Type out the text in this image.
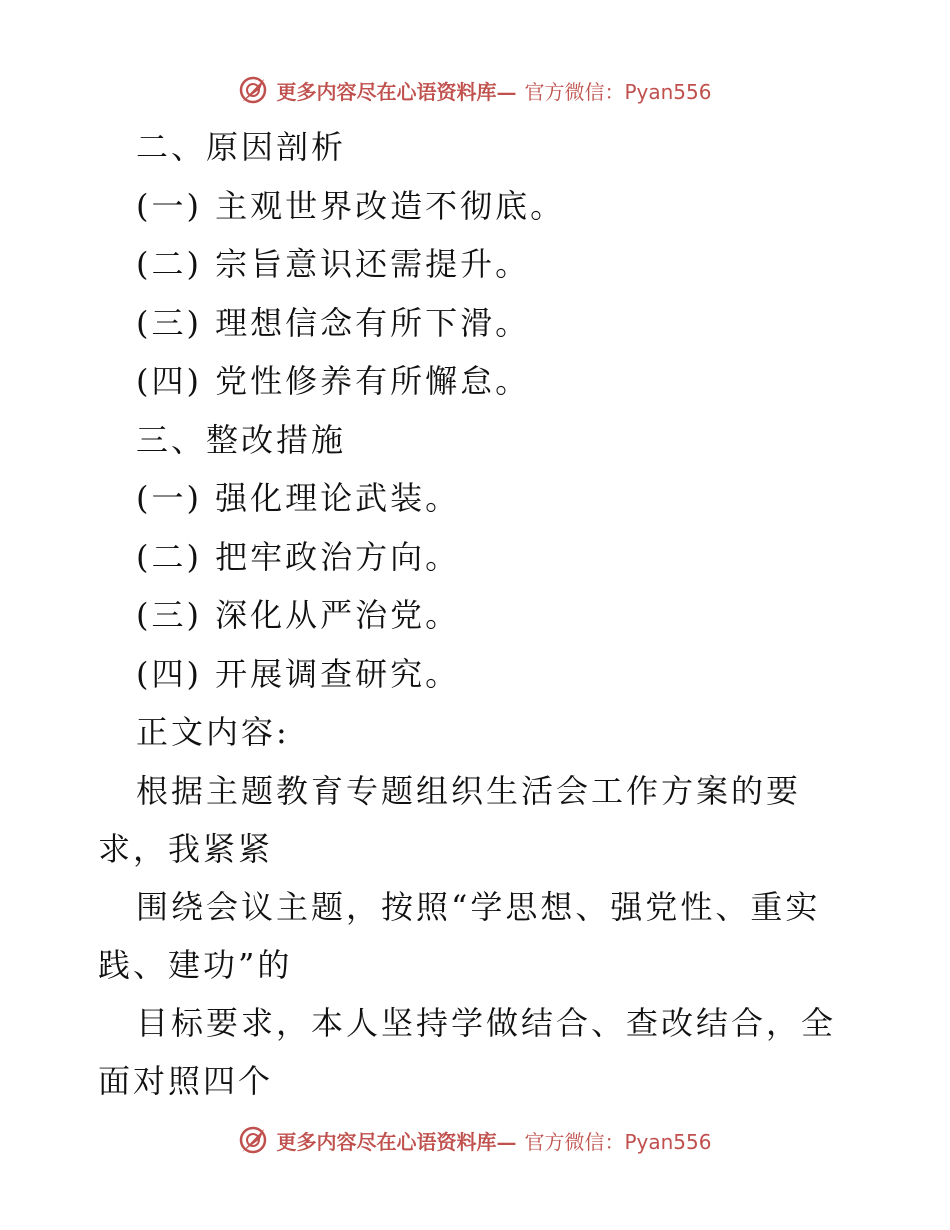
更多内容尽在心语资料库— 官方微信：Pyan556
二、原因剖析
(一) 主观世界改造不彻底。
(二) 宗旨意识还需提升。
(三) 理想信念有所下滑。
(四) 党性修养有所懈怠。
三、整改措施
(一) 强化理论武装。
(二) 把牢政治方向。
(三) 深化从严治党。
(四) 开展调查研究。
正文内容:

根据主题教育专题组织生活会工作方案的要求，我紧紧

围绕会议主题，按照“学思想、强党性、重实践、建功”的

目标要求，本人坚持学做结合、查改结合，全面对照四个

更多内容尽在心语资料库— 官方微信：Pyan556
